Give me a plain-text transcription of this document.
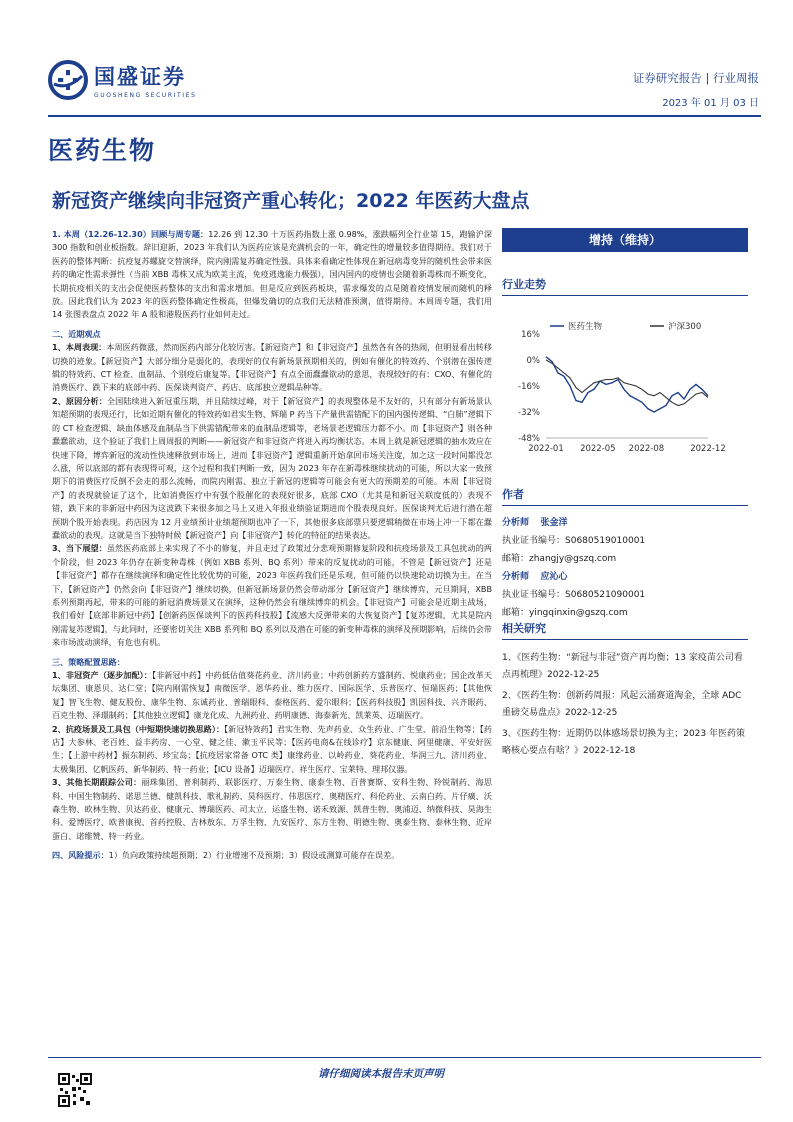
国盛证券
GUOSHENG SECURITIES
证券研究报告 | 行业周报
2023 年 01 月 03 日
医药生物
新冠资产继续向非冠资产重心转化；2022 年医药大盘点
1. 本周（12.26-12.30）回顾与周专题：12.26 到 12.30 十万医药指数上涨 0.98%，涨跌幅列全行业第 15，跑输沪深 300 指数和创业板指数。辞旧迎新，2023 年我们认为医药应该是充满机会的一年，确定性的增量较多值得期待。我们对于医药的整体判断：抗疫复苏螺旋交替演绎，院内刚需复苏确定性强。具体来看确定性体现在新冠病毒变异的随机性会带来医药的确定性需求弹性（当前 XBB 毒株又成为欧美主流，免疫逃逸能力极强），国内国内的疫情也会随着新毒株而不断变化，长期抗疫相关的支出会促使医药整体的支出和需求增加。但是反应到医药板块，需求爆发的点是随着疫情发展而随机的释放。因此我们认为 2023 年的医药整体确定性极高，但爆发确切的点我们无法精准预测，值得期待。本周周专题，我们用 14 张图表盘点 2022 年 A 股和港股医药行业如何走过。
二、近期观点
1、本周表现：本周医药微涨，然而医药内部分化较厉害。【新冠资产】和【非冠资产】虽然各有各的热闹，但明显看出转移切换的迹象。【新冠资产】大部分细分是弱化的，表现好的仅有新场景预期相关的，例如有催化的特效药、个别潜在强传逻辑的特效药、CT 检查、血制品、个别疫后康复等。【非冠资产】有点全面蠢蠢欲动的意思，表现较好的有：CXO、有催化的消费医疗、跌下来的底部中药、医保谈判资产、药店、底部独立逻辑品种等。
2、原因分析：全国陆续进入新冠重压期，并且陆续过峰，对于【新冠资产】的表现整体是不友好的，只有部分有新场景认知超预期的表现还行，比如近期有催化的特效药如君实生物、辉瑞 P 药当下产量供需错配下的国内强传逻辑、“白肺”逻辑下的 CT 检查逻辑、缺血体感及血制品当下供需错配带来的血制品逻辑等，老场景老逻辑压力都不小。而【非冠资产】则各种蠢蠢欲动，这个验证了我们上周周报的判断——新冠资产和非冠资产将进入再均衡状态。本周上就是新冠逻辑的抽水效应在快速下降，博弈新冠的流动性快速释放到市场上，进而【非冠资产】逻辑重新开始拿回市场关注度，加之这一段时间都没怎么涨，所以底部的都有表现得可观，这个过程和我们判断一致，因为 2023 年存在新毒株继续扰动的可能，所以大家一致预期下的消费医疗反倒不会走的那么流畅，而院内刚需、独立于新冠的逻辑等可能会有更大的预期差的可能。本周【非冠资产】的表现就验证了这个，比如消费医疗中有强个股催化的表现好很多，底部 CXO（尤其是和新冠关联度低的）表现不错，跌下来的非新冠中药因为这波跌下来很多加之马上又进入年报业绩验证期进而个股表现良好。医保谈判尤后进行潜在超预期个股开始表现。药店因为 12 月业绩预计业绩超预期也冲了一下，其他很多底部票只要逻辑稍微在市场上冲一下都在蠢蠢欲动的表现。这就是当下独特时候【新冠资产】向【非冠资产】转化的特征的结果表达。
3、当下展望：虽然医药底部上来实现了不小的修复，并且走过了政策过分悲观预期修复阶段和抗疫场景及工具包扰动的两个阶段，但 2023 年仍存在新变种毒株（例如 XBB 系列、BQ 系列）带来的反复扰动的可能，不管是【新冠资产】还是【非冠资产】都存在继续演绎和确定性比较优势的可能，2023 年医药我们还是乐观，但可能仍以快速轮动切换为主。在当下，【新冠资产】仍然会向【非冠资产】继续切换，但新冠新场景仍然会带动部分【新冠资产】继续博弈，元旦期间，XBB 系列预期再起，带来的可能的新冠消费场景又在演绎，这种仍然会有继续博弈的机会。【非冠资产】可能会是近期主战场，我们看好【底部非新冠中药】【创新药医保谈判下的医药科技股】【流感大反弹带来的大恢复资产】【复苏逻辑，尤其是院内刚需复苏逻辑】，与此同时，还要密切关注 XBB 系列和 BQ 系列以及潜在可能的新变种毒株的演绎及预期影响，后续仍会带来市场波动演绎，有危也有机。
三、策略配置思路：
1、非冠资产（逐步加配）：【非新冠中药】中药低估值葵花药业、济川药业；中药创新药方盛制药、悦康药业；国企改革天坛集团、康恩贝、达仁堂；【院内刚需恢复】南微医学、恩华药业、维力医疗、国际医学、乐普医疗、恒瑞医药；【其他恢复】智飞生物、健友股份、康华生物、东诚药业、普瑞眼科、泰格医药、爱尔眼科；【医药科技股】凯因科技、兴齐眼药、百克生物、泽璟制药；【其他独立逻辑】康龙化成、九洲药业、药明康德、海泰新光、凯莱英、迈瑞医疗。
2、抗疫场景及工具包（中短期快速切换思路）：【新冠特效药】君实生物、先声药业、众生药业、广生堂、前沿生物等；【药店】大参林、老百姓、益丰药房、一心堂、健之佳、漱玉平民等；【医药电商&在线诊疗】京东健康、阿里健康、平安好医生；【上游中药材】振东制药、珍宝岛；【抗疫居家常备 OTC 类】康缘药业、以岭药业、葵花药业、华润三九、济川药业、太极集团、亿帆医药、新华制药、特一药业；【ICU 设备】迈瑞医疗、祥生医疗、宝莱特、理邦仪器。
3、其他长期跟踪公司：丽珠集团、普利制药、联影医疗、万泰生物、康泰生物、百普赛斯、安科生物、羚锐制药、海思科、中国生物制药、诺思兰德、健凯科技、歌礼制药、昊科医疗、伟思医疗、奥精医疗、科伦药业、云南白药、片仔癀、沃森生物、欧林生物、贝达药业、健康元、博瑞医药、司太立、运盛生物、诺禾致源、凯普生物、奥浦迈、纳微科技、昊海生科、爱博医疗、欧普康视、首药控股、吉林敖东、万孚生物、九安医疗、东方生物、明德生物、奥泰生物、泰林生物、近岸蛋白、诺维赞、特一药业。
四、风险提示：1）负向政策持续超预期；2）行业增速不及预期；3）假设或测算可能存在误差。
增持（维持）
行业走势
16%
0%
-16%
-32%
-48%
2022-01 2022-05 2022-08	2022-12
医药生物	沪深300
作者
分析师 张金洋
执业证书编号：S0680519010001
邮箱：zhangjy@gszq.com
分析师 应沁心
执业证书编号：S0680521090001
邮箱：yingqinxin@gszq.com
相关研究
1、《医药生物：“新冠与非冠”资产再均衡；13 家疫苗公司看点再梳理》2022-12-25
2、《医药生物：创新药周报：风起云涌赛道淘金，全球 ADC 重磅交易盘点》2022-12-25
3、《医药生物：近期仍以体感场景切换为主；2023 年医药策略核心要点有啥？》2022-12-18
请仔细阅读本报告末页声明
